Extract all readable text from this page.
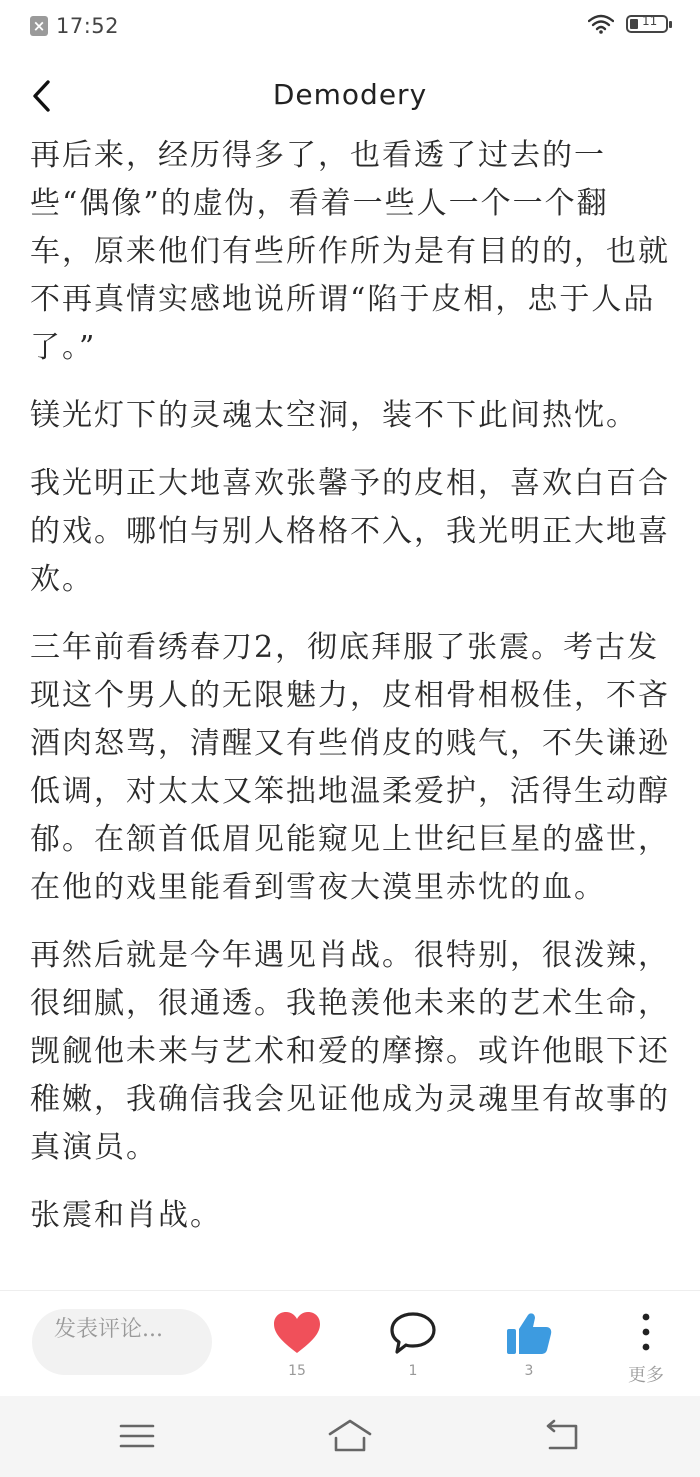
× 17:52	11
Demodery

再后来，经历得多了，也看透了过去的一些“偶像”的虚伪，看着一些人一个一个翻车，原来他们有些所作所为是有目的的，也就不再真情实感地说所谓“陷于皮相，忠于人品了。”

镁光灯下的灵魂太空洞，装不下此间热忱。

我光明正大地喜欢张馨予的皮相，喜欢白百合的戏。哪怕与别人格格不入，我光明正大地喜欢。

三年前看绣春刀2，彻底拜服了张震。考古发现这个男人的无限魅力，皮相骨相极佳，不吝酒肉怒骂，清醒又有些俏皮的贱气，不失谦逊低调，对太太又笨拙地温柔爱护，活得生动醇郁。在颔首低眉见能窥见上世纪巨星的盛世，在他的戏里能看到雪夜大漠里赤忱的血。

再然后就是今年遇见肖战。很特别，很泼辣，很细腻，很通透。我艳羡他未来的艺术生命，觊觎他未来与艺术和爱的摩擦。或许他眼下还稚嫩，我确信我会见证他成为灵魂里有故事的真演员。

张震和肖战。

发表评论...
15	1	3	更多
